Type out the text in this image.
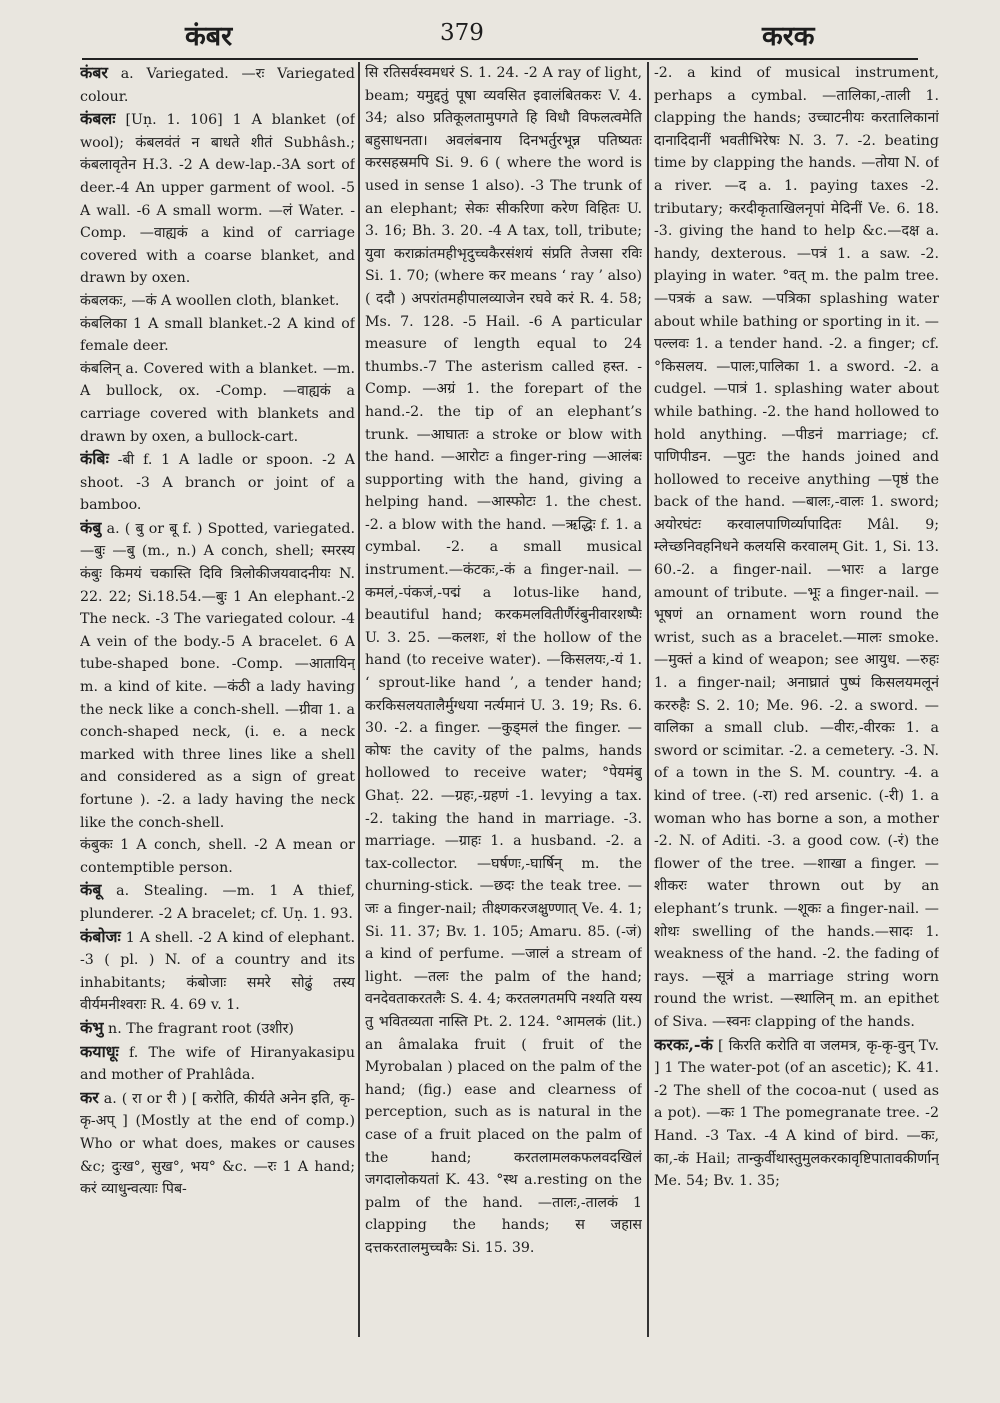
कंबर	379	करक

कंबर a. Variegated. —रः Variegated colour.

कंबलः [Uṇ. 1. 106] 1 A blanket (of wool); कंबलवंतं न बाधते शीतं Subhâsh.; कंबलावृतेन H.3. -2 A dew-lap.-3A sort of deer.-4 An upper garment of wool. -5 A wall. -6 A small worm. —लं Water. -Comp. —वाह्यकं a kind of carriage covered with a coarse blanket, and drawn by oxen.

कंबलकः, —कं A woollen cloth, blanket.

कंबलिका 1 A small blanket.-2 A kind of female deer.

कंबलिन् a. Covered with a blanket. —m. A bullock, ox. -Comp. —वाह्यकं a carriage covered with blankets and drawn by oxen, a bullock-cart.

कंबिः -बी f. 1 A ladle or spoon. -2 A shoot. -3 A branch or joint of a bamboo.

कंबु a. ( बु or बू f. ) Spotted, variegated. —बुः —बु (m., n.) A conch, shell; स्मरस्य कंबुः किमयं चकास्ति दिवि त्रिलोकीजयवादनीयः N. 22. 22; Si.18.54.—बुः 1 An elephant.-2 The neck. -3 The variegated colour. -4 A vein of the body.-5 A bracelet. 6 A tube-shaped bone. -Comp. —आतायिन् m. a kind of kite. —कंठी a lady having the neck like a conch-shell. —ग्रीवा 1. a conch-shaped neck, (i. e. a neck marked with three lines like a shell and considered as a sign of great fortune ). -2. a lady having the neck like the conch-shell.

कंबुकः 1 A conch, shell. -2 A mean or contemptible person.

कंबू a. Stealing. —m. 1 A thief, plunderer. -2 A bracelet; cf. Uṇ. 1. 93.

कंबोजः 1 A shell. -2 A kind of elephant. -3 ( pl. ) N. of a country and its inhabitants; कंबोजाः समरे सोढुं तस्य वीर्यमनीश्वराः R. 4. 69 v. 1.

कंभु n. The fragrant root (उशीर)

कयाधूः f. The wife of Hiranyakasipu and mother of Prahlâda.

कर a. ( रा or री ) [ करोति, कीर्यते अनेन इति, कृ-कृ-अप् ] (Mostly at the end of comp.) Who or what does, makes or causes &c; दुःख°, सुख°, भय° &c. —रः 1 A hand; करं व्याधुन्वत्याः पिब-

सि रतिसर्वस्वमधरं S. 1. 24. -2 A ray of light, beam; यमुद्दतुं पूषा व्यवसित इवालंबितकरः V. 4. 34; also प्रतिकूलतामुपगते हि विधौ विफलत्वमेति बहुसाधनता। अवलंबनाय दिनभर्तुरभून्न पतिष्यतः करसहस्रमपि Si. 9. 6 ( where the word is used in sense 1 also). -3 The trunk of an elephant; सेकः सीकरिणा करेण विहितः U. 3. 16; Bh. 3. 20. -4 A tax, toll, tribute; युवा कराक्रांतमहीभृदुच्चकैरसंशयं संप्रति तेजसा रविः Si. 1. 70; (where कर means ‘ ray ’ also) ( ददौ ) अपरांतमहीपालव्याजेन रघवे करं R. 4. 58; Ms. 7. 128. -5 Hail. -6 A particular measure of length equal to 24 thumbs.-7 The asterism called हस्त. -Comp. —अग्रं 1. the forepart of the hand.-2. the tip of an elephant’s trunk. —आघातः a stroke or blow with the hand. —आरोटः a finger-ring —आलंबः supporting with the hand, giving a helping hand. —आस्फोटः 1. the chest. -2. a blow with the hand. —ऋद्धिः f. 1. a cymbal. -2. a small musical instrument.—कंटकः,-कं a finger-nail. —कमलं,-पंकजं,-पद्मं a lotus-like hand, beautiful hand; करकमलवितीर्णैरंबुनीवारशष्पैः U. 3. 25. —कलशः, शं the hollow of the hand (to receive water). —किसलयः,-यं 1. ‘ sprout-like hand ’, a tender hand; करकिसलयतालैर्मुग्धया नर्त्यमानं U. 3. 19; Rs. 6. 30. -2. a finger. —कुड्मलं the finger. —कोषः the cavity of the palms, hands hollowed to receive water; °पेयमंबु Ghaṭ. 22. —ग्रहः,-ग्रहणं -1. levying a tax. -2. taking the hand in marriage. -3. marriage. —ग्राहः 1. a husband. -2. a tax-collector. —घर्षणः,-घार्षिन् m. the churning-stick. —छदः the teak tree. —जः a finger-nail; तीक्ष्णकरजक्षुण्णात् Ve. 4. 1; Si. 11. 37; Bv. 1. 105; Amaru. 85. (-जं) a kind of perfume. —जालं a stream of light. —तलः the palm of the hand; वनदेवताकरतलैः S. 4. 4; करतलगतमपि नश्यति यस्य तु भवितव्यता नास्ति Pt. 2. 124. °आमलकं (lit.) an âmalaka fruit ( fruit of the Myrobalan ) placed on the palm of the hand; (fig.) ease and clearness of perception, such as is natural in the case of a fruit placed on the palm of the hand; करतलामलकफलवदखिलं जगदालोकयतां K. 43. °स्थ a.resting on the palm of the hand. —तालः,-तालकं 1 clapping the hands; स जहास दत्तकरतालमुच्चकैः Si. 15. 39.

-2. a kind of musical instrument, perhaps a cymbal. —तालिका,-ताली 1. clapping the hands; उच्चाटनीयः करतालिकानां दानादिदानीं भवतीभिरेषः N. 3. 7. -2. beating time by clapping the hands. —तोया N. of a river. —द a. 1. paying taxes -2. tributary; करदीकृताखिलनृपां मेदिनीं Ve. 6. 18. -3. giving the hand to help &c.—दक्ष a. handy, dexterous. —पत्रं 1. a saw. -2. playing in water. °वत् m. the palm tree. —पत्रकं a saw. —पत्रिका splashing water about while bathing or sporting in it. —पल्लवः 1. a tender hand. -2. a finger; cf. °किसलय. —पालः,पालिका 1. a sword. -2. a cudgel. —पात्रं 1. splashing water about while bathing. -2. the hand hollowed to hold anything. —पीडनं marriage; cf. पाणिपीडन. —पुटः the hands joined and hollowed to receive anything —पृष्ठं the back of the hand. —बालः,-वालः 1. sword; अयोरघंटः करवालपाणिर्व्यापादितः Mâl. 9; म्लेच्छनिवहनिधने कलयसि करवालम् Git. 1, Si. 13. 60.-2. a finger-nail. —भारः a large amount of tribute. —भूः a finger-nail. —भूषणं an ornament worn round the wrist, such as a bracelet.—मालः smoke. —मुक्तं a kind of weapon; see आयुध. —रुहः 1. a finger-nail; अनाघ्रातं पुष्पं किसलयमलूनं कररुहैः S. 2. 10; Me. 96. -2. a sword. —वालिका a small club. —वीरः,-वीरकः 1. a sword or scimitar. -2. a cemetery. -3. N. of a town in the S. M. country. -4. a kind of tree. (-रा) red arsenic. (-री) 1. a woman who has borne a son, a mother -2. N. of Aditi. -3. a good cow. (-रं) the flower of the tree. —शाखा a finger. —शीकरः water thrown out by an elephant’s trunk. —शूकः a finger-nail. —शोथः swelling of the hands.—सादः 1. weakness of the hand. -2. the fading of rays. —सूत्रं a marriage string worn round the wrist. —स्थालिन् m. an epithet of Siva. —स्वनः clapping of the hands.

करकः,-कं [ किरति करोति वा जलमत्र, कृ-कृ-वुन् Tv. ] 1 The water-pot (of an ascetic); K. 41. -2 The shell of the cocoa-nut ( used as a pot). —कः 1 The pomegranate tree. -2 Hand. -3 Tax. -4 A kind of bird. —कः, का,-कं Hail; तान्कुर्वीथास्तुमुलकरकावृष्टिपातावकीर्णान् Me. 54; Bv. 1. 35;
